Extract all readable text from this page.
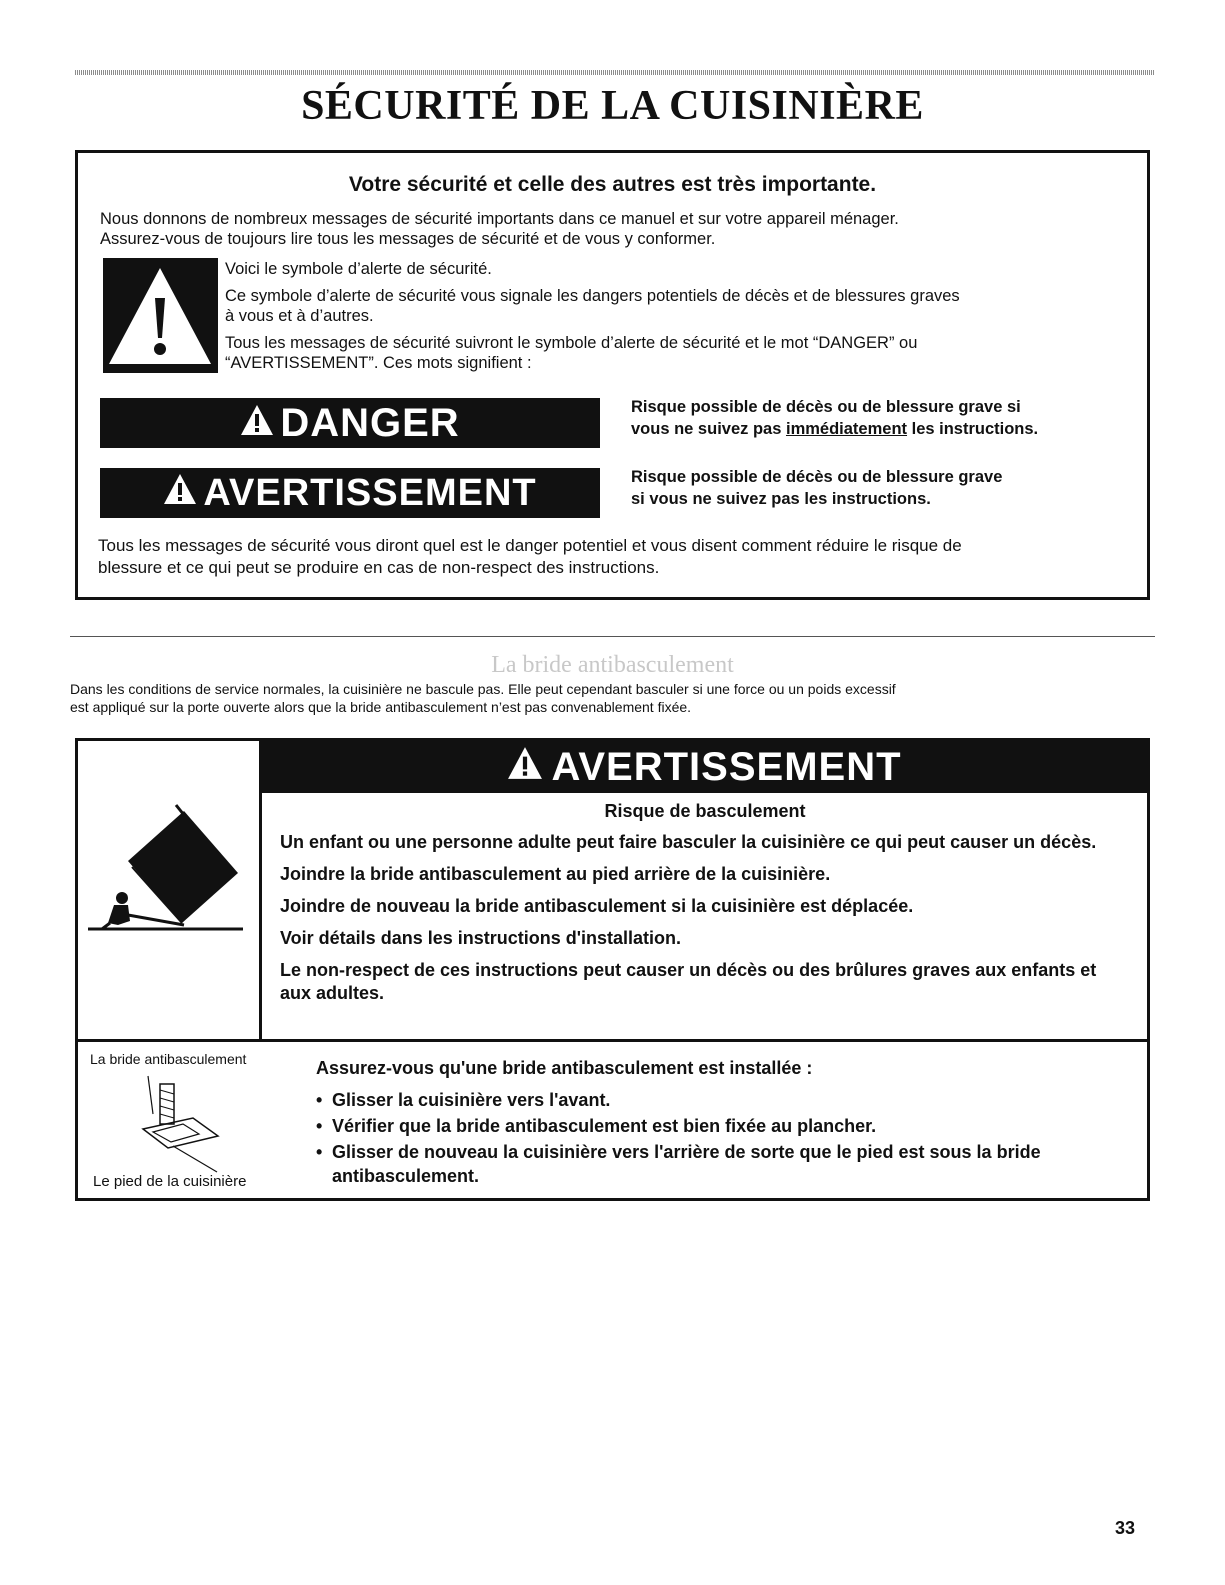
SÉCURITÉ DE LA CUISINIÈRE
Votre sécurité et celle des autres est très importante.

Nous donnons de nombreux messages de sécurité importants dans ce manuel et sur votre appareil ménager.
Assurez-vous de toujours lire tous les messages de sécurité et de vous y conformer.

Voici le symbole d’alerte de sécurité.

Ce symbole d’alerte de sécurité vous signale les dangers potentiels de décès et de blessures graves
à vous et à d’autres.

Tous les messages de sécurité suivront le symbole d’alerte de sécurité et le mot “DANGER” ou
“AVERTISSEMENT”. Ces mots signifient :

DANGER	Risque possible de décès ou de blessure grave si
vous ne suivez pas immédiatement les instructions.

AVERTISSEMENT	Risque possible de décès ou de blessure grave
si vous ne suivez pas les instructions.

Tous les messages de sécurité vous diront quel est le danger potentiel et vous disent comment réduire le risque de
blessure et ce qui peut se produire en cas de non-respect des instructions.

La bride antibasculement

Dans les conditions de service normales, la cuisinière ne bascule pas. Elle peut cependant basculer si une force ou un poids excessif
est appliqué sur la porte ouverte alors que la bride antibasculement n’est pas convenablement fixée.

AVERTISSEMENT

Risque de basculement

Un enfant ou une personne adulte peut faire basculer la cuisinière ce qui peut causer un décès.

Joindre la bride antibasculement au pied arrière de la cuisinière.

Joindre de nouveau la bride antibasculement si la cuisinière est déplacée.

Voir détails dans les instructions d'installation.

Le non-respect de ces instructions peut causer un décès ou des brûlures graves aux enfants et aux adultes.

La bride antibasculement

Le pied de la cuisinière

Assurez-vous qu'une bride antibasculement est installée :

• Glisser la cuisinière vers l'avant.
• Vérifier que la bride antibasculement est bien fixée au plancher.
• Glisser de nouveau la cuisinière vers l'arrière de sorte que le pied est sous la bride antibasculement.

33
